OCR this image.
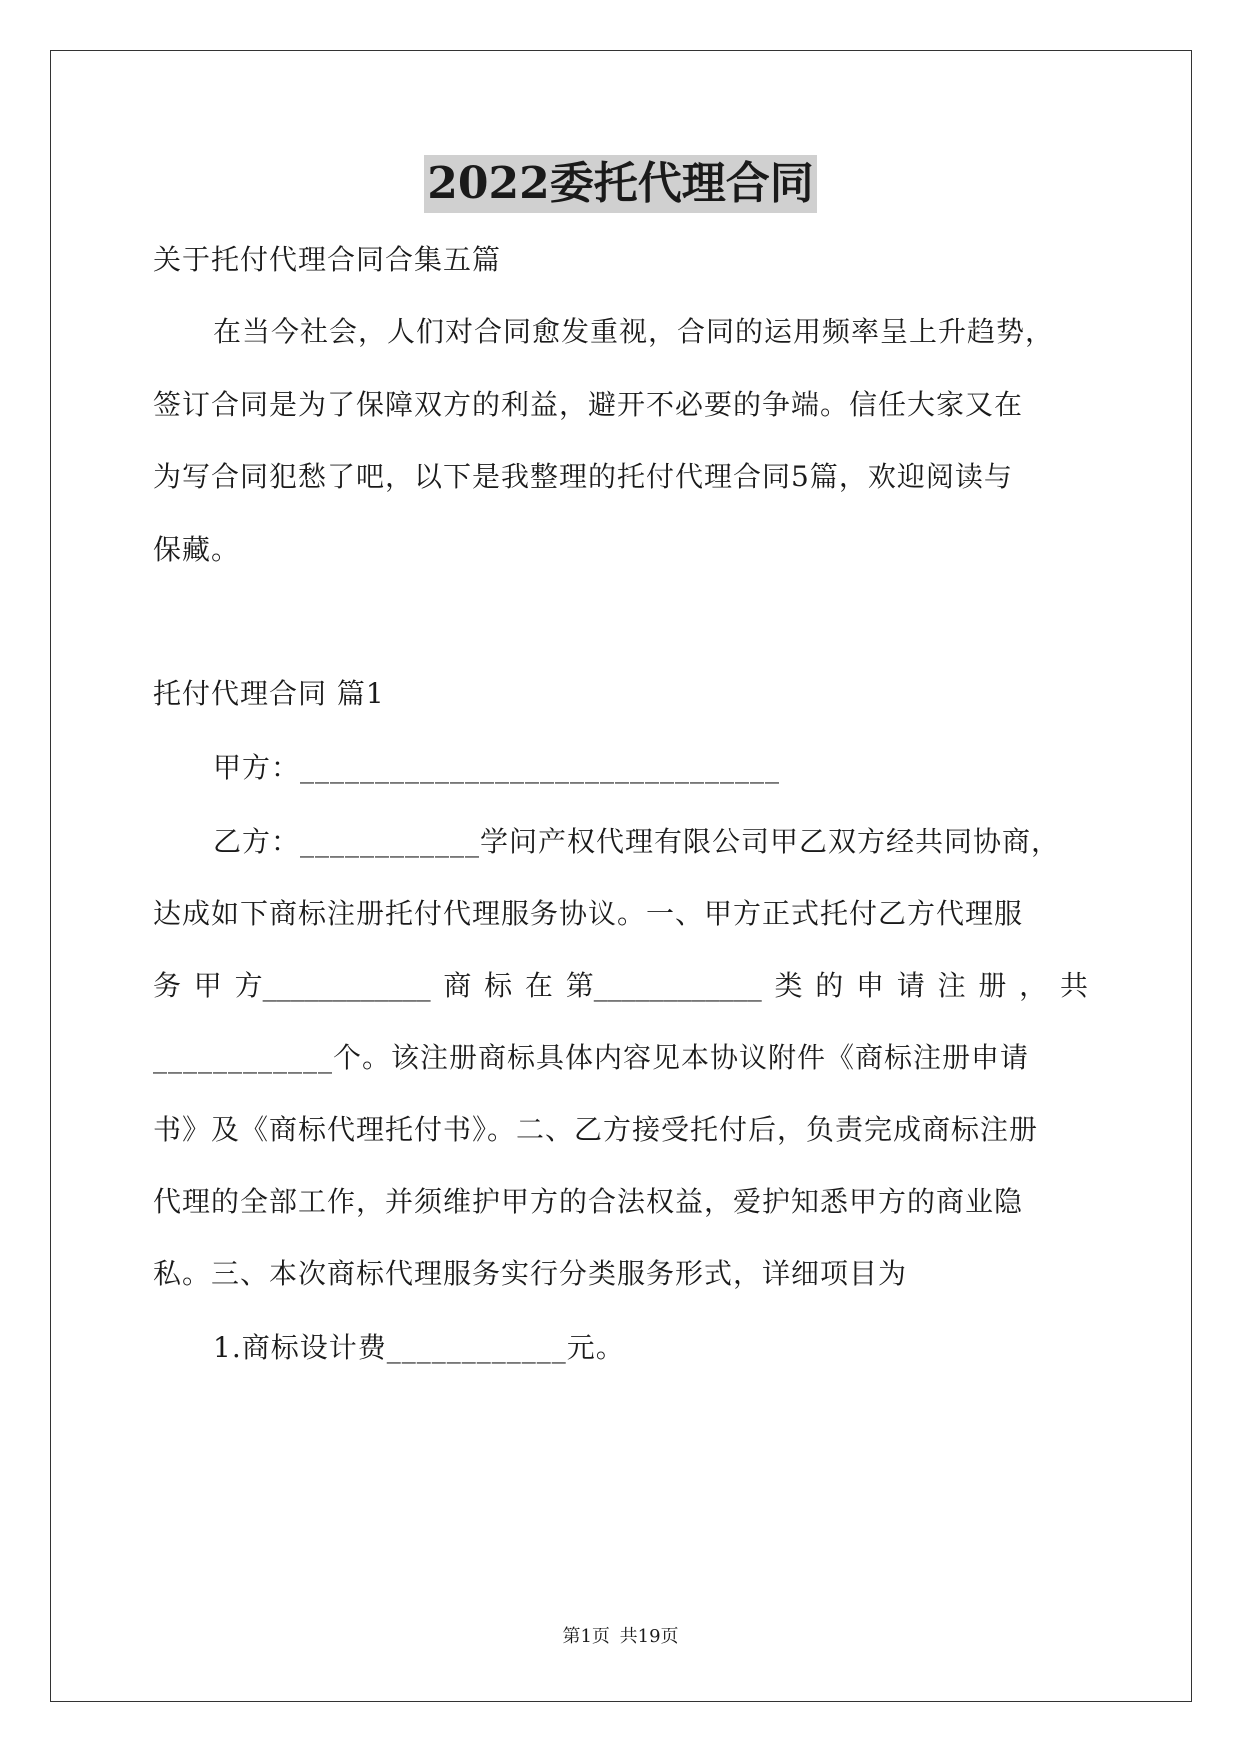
2022委托代理合同
关于托付代理合同合集五篇
在当今社会，人们对合同愈发重视，合同的运用频率呈上升趋势，
签订合同是为了保障双方的利益，避开不必要的争端。信任大家又在
为写合同犯愁了吧，以下是我整理的托付代理合同5篇，欢迎阅读与
保藏。
托付代理合同 篇1
甲方：________________________________
乙方：____________学问产权代理有限公司甲乙双方经共同协商，
达成如下商标注册托付代理服务协议。一、甲方正式托付乙方代理服
务 甲 方____________ 商 标 在 第____________ 类 的 申 请 注 册 ， 共
____________个。该注册商标具体内容见本协议附件《商标注册申请
书》及《商标代理托付书》。二、乙方接受托付后，负责完成商标注册
代理的全部工作，并须维护甲方的合法权益，爱护知悉甲方的商业隐
私。三、本次商标代理服务实行分类服务形式，详细项目为
1.商标设计费____________元。
第1页 共19页
